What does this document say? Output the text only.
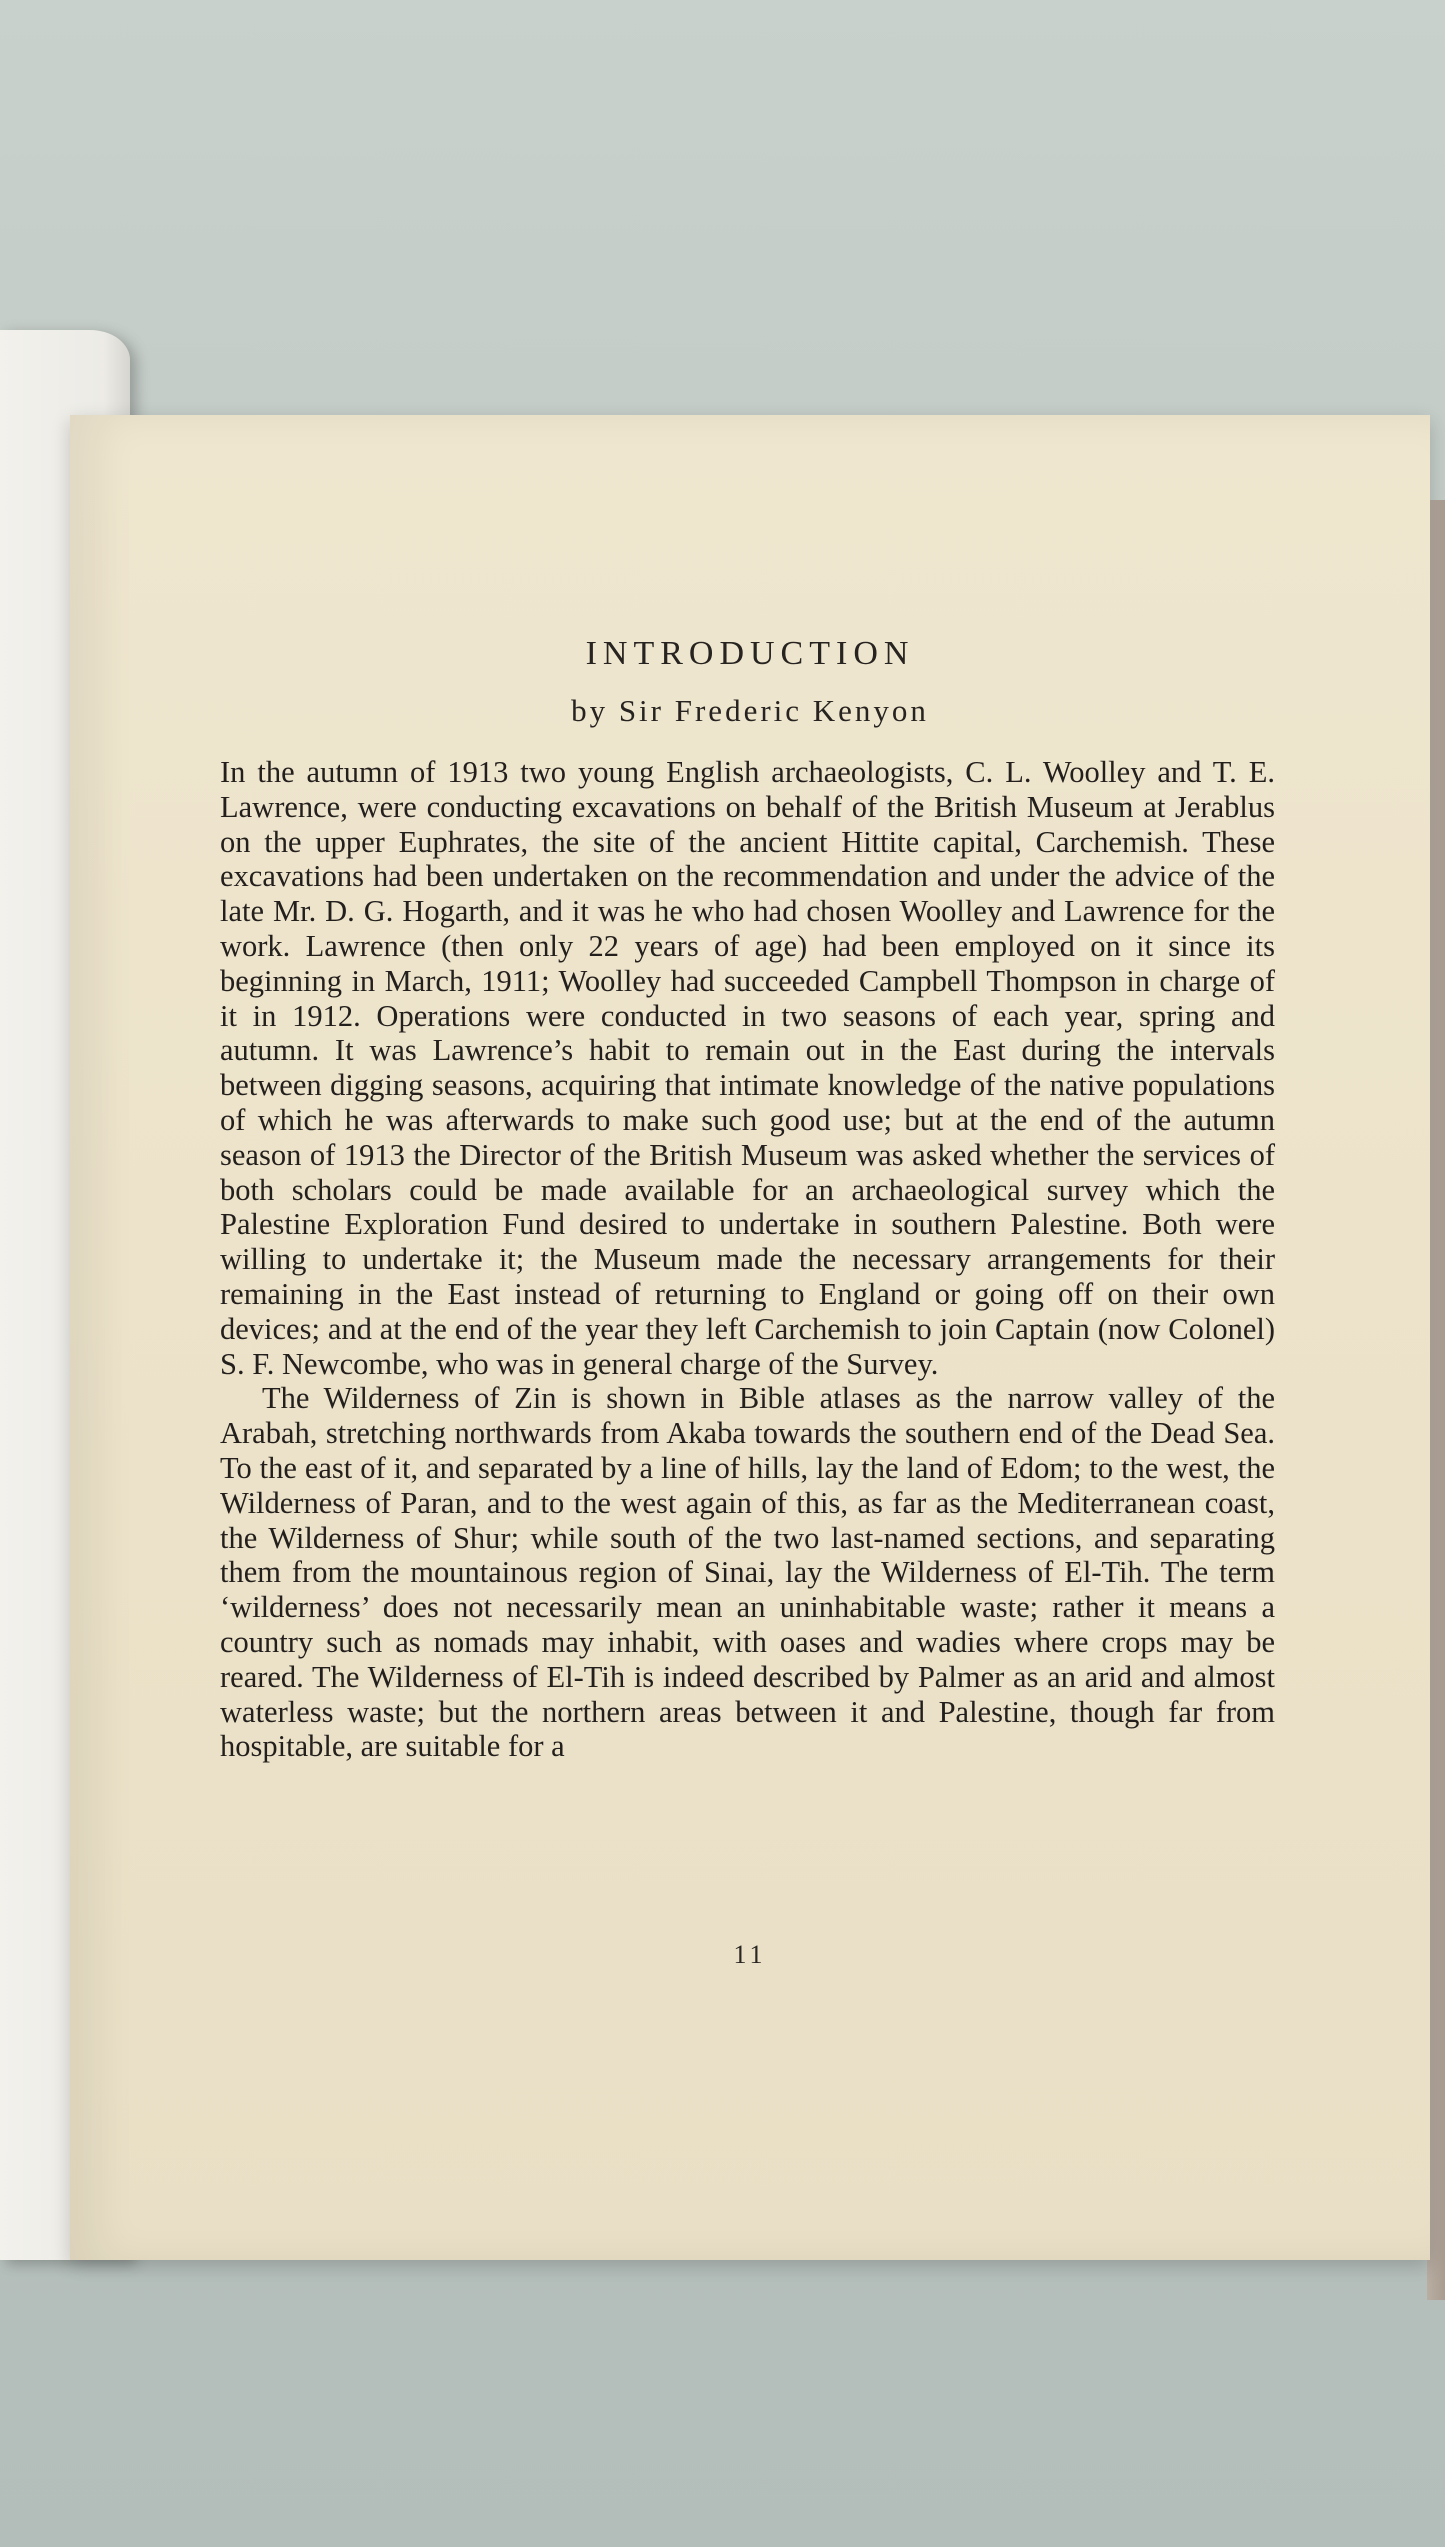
INTRODUCTION
by Sir Frederic Kenyon

In the autumn of 1913 two young English archaeologists, C. L. Woolley and T. E. Lawrence, were conducting excavations on behalf of the British Museum at Jerablus on the upper Euphrates, the site of the ancient Hittite capital, Carchemish. These excavations had been undertaken on the recommendation and under the advice of the late Mr. D. G. Hogarth, and it was he who had chosen Woolley and Lawrence for the work. Lawrence (then only 22 years of age) had been employed on it since its beginning in March, 1911; Woolley had succeeded Campbell Thompson in charge of it in 1912. Operations were conducted in two seasons of each year, spring and autumn. It was Lawrence’s habit to remain out in the East during the intervals between digging seasons, acquiring that intimate knowledge of the native populations of which he was afterwards to make such good use; but at the end of the autumn season of 1913 the Director of the British Museum was asked whether the services of both scholars could be made available for an archaeological survey which the Palestine Exploration Fund desired to undertake in southern Palestine. Both were willing to undertake it; the Museum made the necessary arrangements for their remaining in the East instead of returning to England or going off on their own devices; and at the end of the year they left Carchemish to join Captain (now Colonel) S. F. Newcombe, who was in general charge of the Survey.

The Wilderness of Zin is shown in Bible atlases as the narrow valley of the Arabah, stretching northwards from Akaba towards the southern end of the Dead Sea. To the east of it, and separated by a line of hills, lay the land of Edom; to the west, the Wilderness of Paran, and to the west again of this, as far as the Mediterranean coast, the Wilderness of Shur; while south of the two last-named sections, and separating them from the mountainous region of Sinai, lay the Wilderness of El-Tih. The term ‘wilderness’ does not necessarily mean an uninhabitable waste; rather it means a country such as nomads may inhabit, with oases and wadies where crops may be reared. The Wilderness of El-Tih is indeed described by Palmer as an arid and almost waterless waste; but the northern areas between it and Palestine, though far from hospitable, are suitable for a

11
